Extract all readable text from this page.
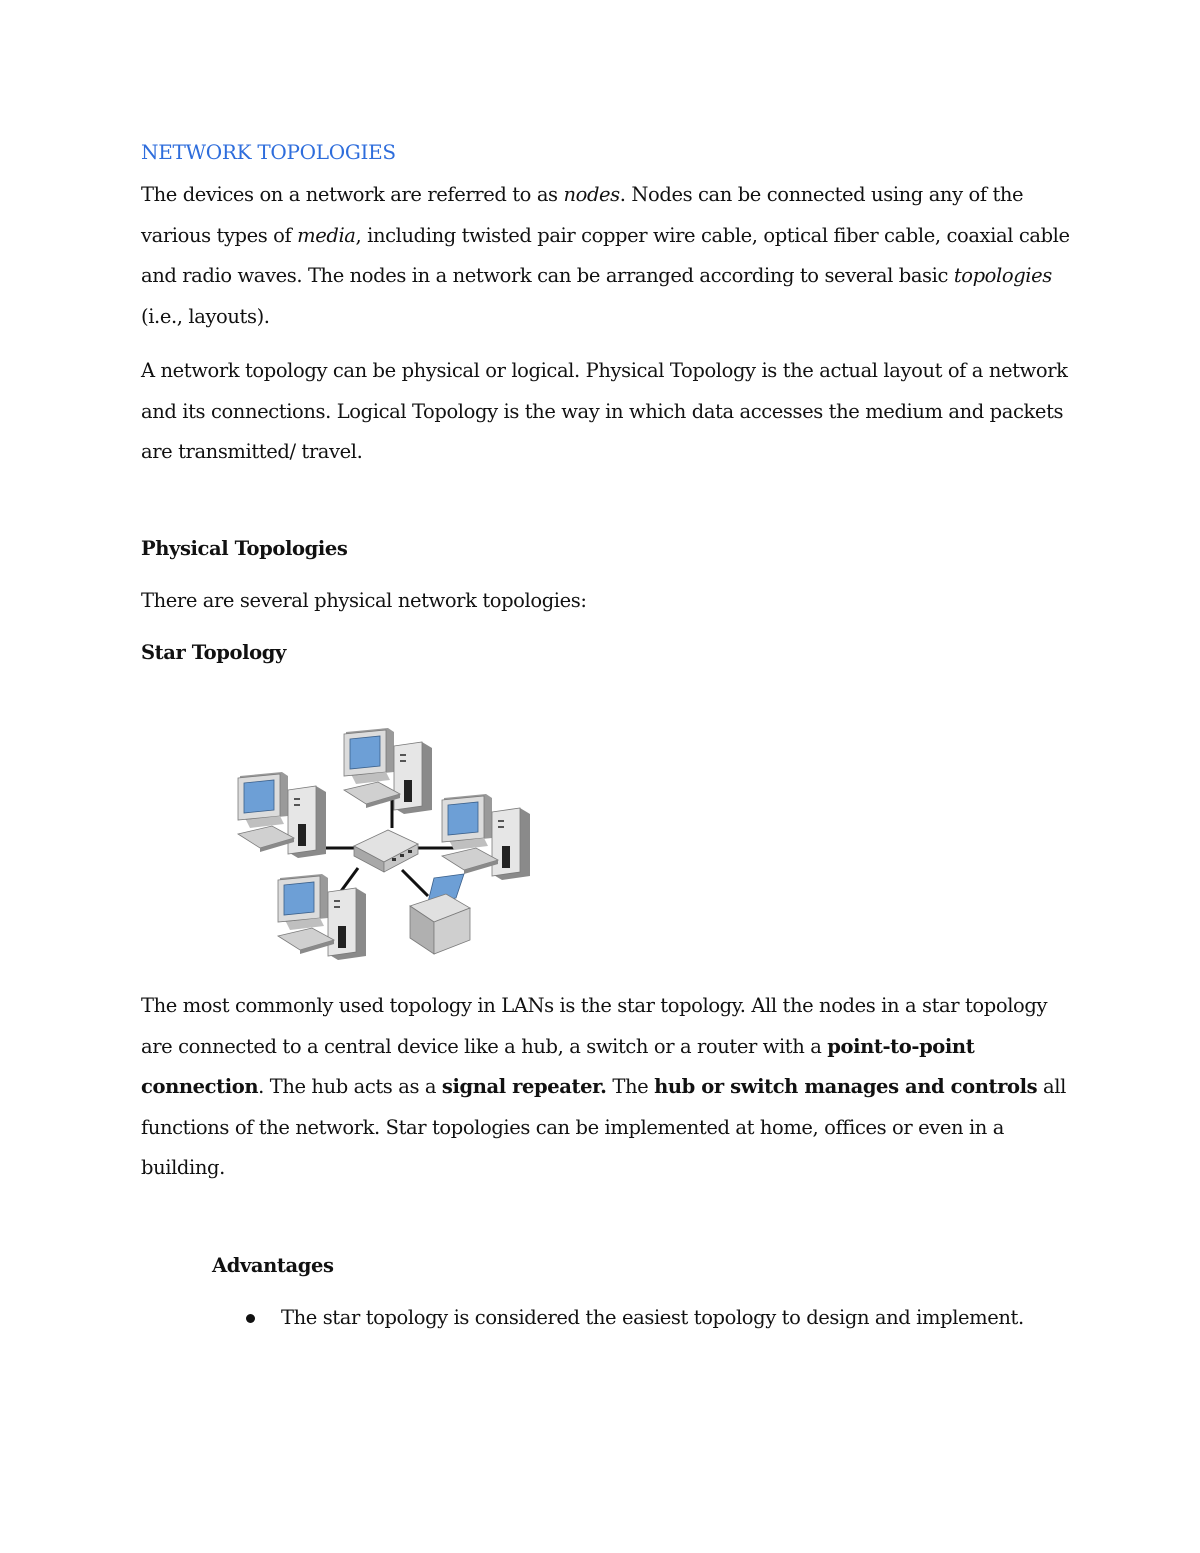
NETWORK TOPOLOGIES
The devices on a network are referred to as nodes. Nodes can be connected using any of the various types of media, including twisted pair copper wire cable, optical fiber cable, coaxial cable and radio waves. The nodes in a network can be arranged according to several basic topologies (i.e., layouts).
A network topology can be physical or logical. Physical Topology is the actual layout of a network and its connections. Logical Topology is the way in which data accesses the medium and packets are transmitted/ travel.
Physical Topologies
There are several physical network topologies:
Star Topology
The most commonly used topology in LANs is the star topology. All the nodes in a star topology are connected to a central device like a hub, a switch or a router with a point-to-point connection. The hub acts as a signal repeater. The hub or switch manages and controls all functions of the network. Star topologies can be implemented at home, offices or even in a building.
Advantages
The star topology is considered the easiest topology to design and implement.
